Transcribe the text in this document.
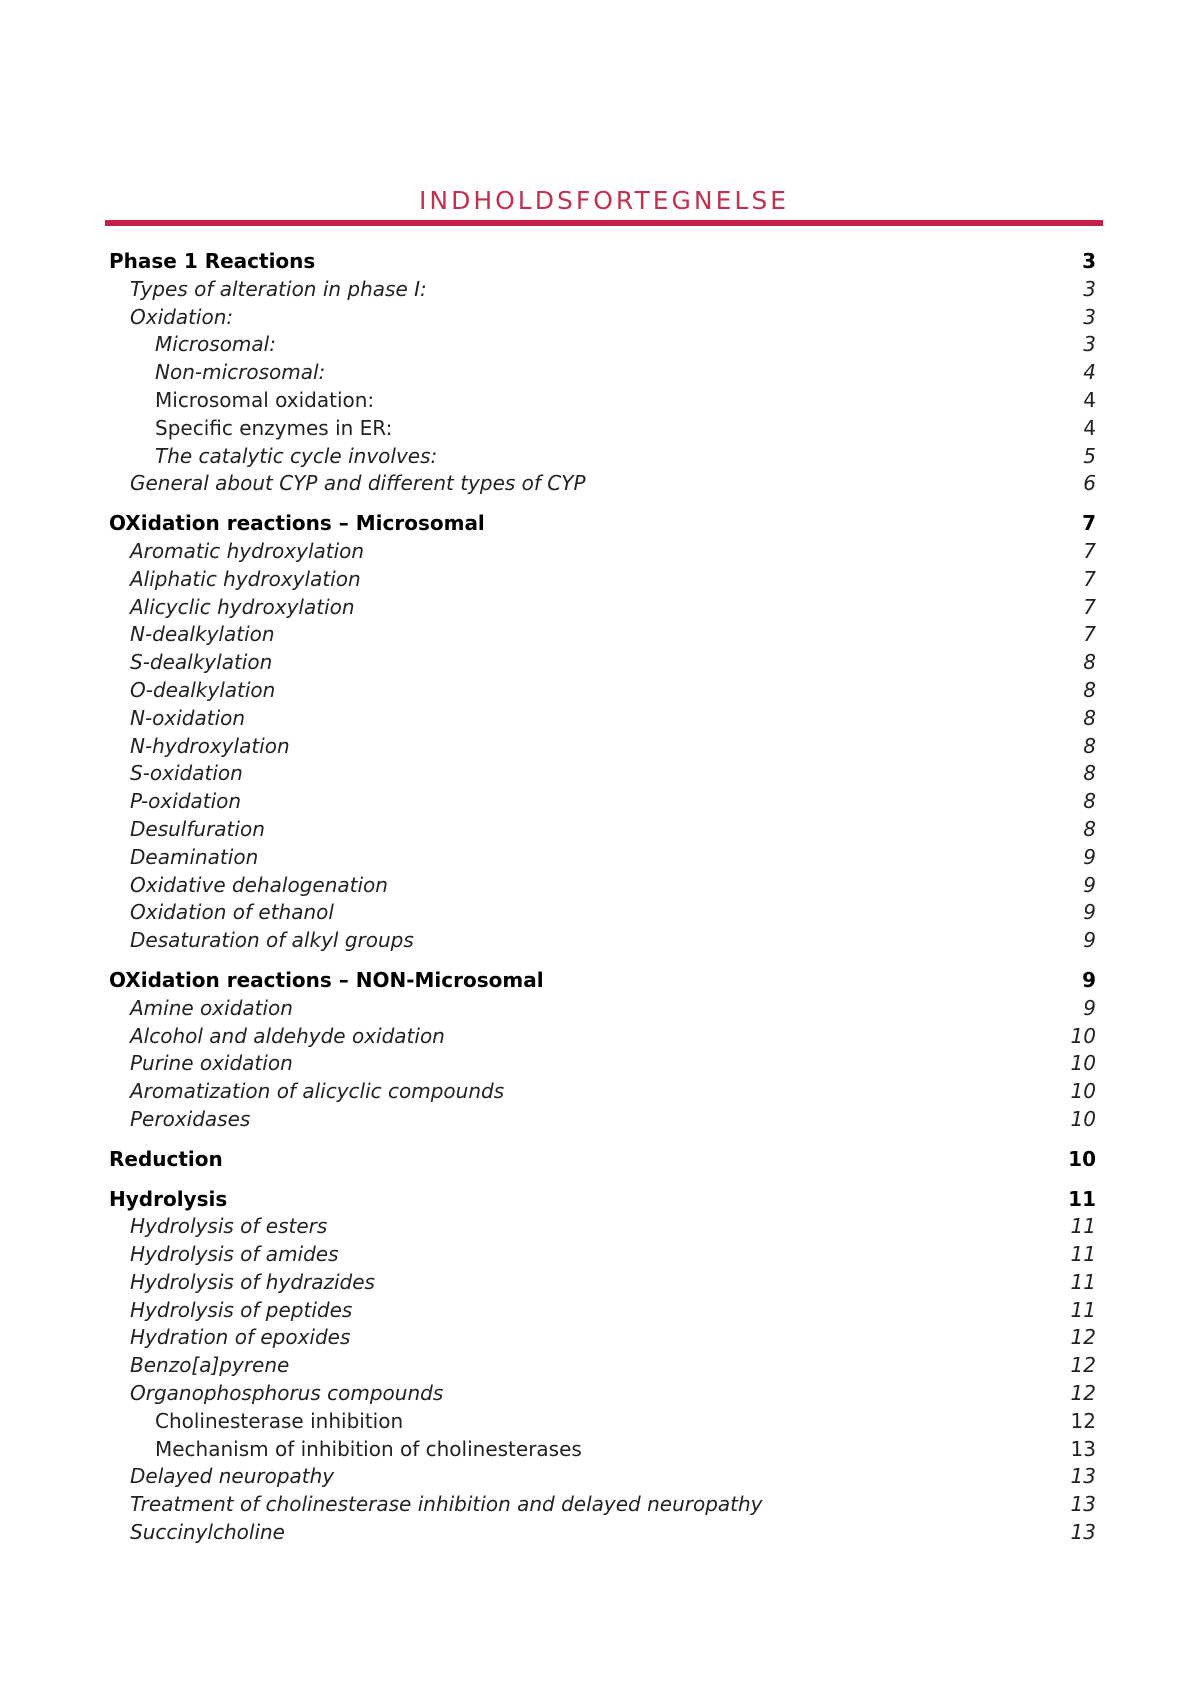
INDHOLDSFORTEGNELSE
Phase 1 Reactions	3
Types of alteration in phase I:	3
Oxidation:	3
Microsomal:	3
Non-microsomal:	4
Microsomal oxidation:	4
Specific enzymes in ER:	4
The catalytic cycle involves:	5
General about CYP and different types of CYP	6
OXidation reactions – Microsomal	7
Aromatic hydroxylation	7
Aliphatic hydroxylation	7
Alicyclic hydroxylation	7
N-dealkylation	7
S-dealkylation	8
O-dealkylation	8
N-oxidation	8
N-hydroxylation	8
S-oxidation	8
P-oxidation	8
Desulfuration	8
Deamination	9
Oxidative dehalogenation	9
Oxidation of ethanol	9
Desaturation of alkyl groups	9
OXidation reactions – NON-Microsomal	9
Amine oxidation	9
Alcohol and aldehyde oxidation	10
Purine oxidation	10
Aromatization of alicyclic compounds	10
Peroxidases	10
Reduction	10
Hydrolysis	11
Hydrolysis of esters	11
Hydrolysis of amides	11
Hydrolysis of hydrazides	11
Hydrolysis of peptides	11
Hydration of epoxides	12
Benzo[a]pyrene	12
Organophosphorus compounds	12
Cholinesterase inhibition	12
Mechanism of inhibition of cholinesterases	13
Delayed neuropathy	13
Treatment of cholinesterase inhibition and delayed neuropathy	13
Succinylcholine	13
